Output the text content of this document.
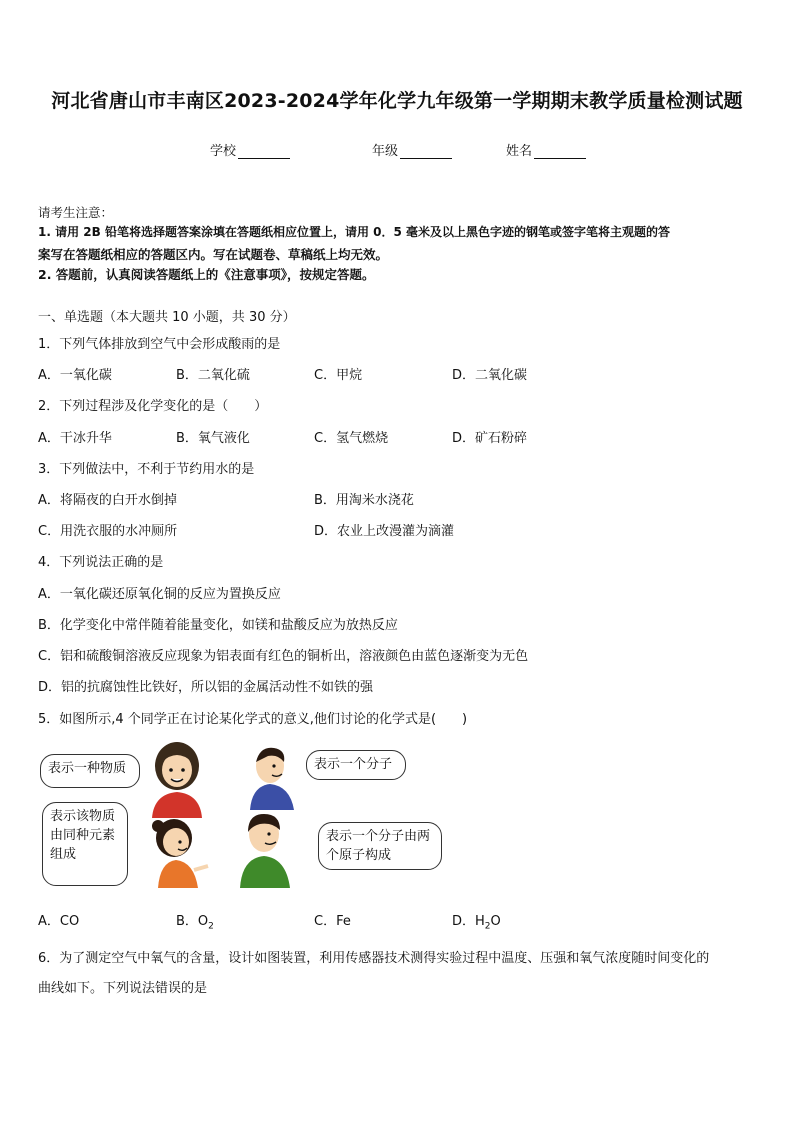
河北省唐山市丰南区2023-2024学年化学九年级第一学期期末教学质量检测试题
学校	年级	姓名
请考生注意：
1. 请用 2B 铅笔将选择题答案涂填在答题纸相应位置上，请用 0．5 毫米及以上黑色字迹的钢笔或签字笔将主观题的答
案写在答题纸相应的答题区内。写在试题卷、草稿纸上均无效。
2. 答题前，认真阅读答题纸上的《注意事项》，按规定答题。
一、单选题（本大题共 10 小题，共 30 分）
1．下列气体排放到空气中会形成酸雨的是
A．一氧化碳	B．二氧化硫	C．甲烷	D．二氧化碳
2．下列过程涉及化学变化的是（　　）
A．干冰升华	B．氧气液化	C．氢气燃烧	D．矿石粉碎
3．下列做法中，不利于节约用水的是
A．将隔夜的白开水倒掉	B．用淘米水浇花
C．用洗衣服的水冲厕所	D．农业上改漫灌为滴灌
4．下列说法正确的是
A．一氧化碳还原氧化铜的反应为置换反应
B．化学变化中常伴随着能量变化，如镁和盐酸反应为放热反应
C．铝和硫酸铜溶液反应现象为铝表面有红色的铜析出，溶液颜色由蓝色逐渐变为无色
D．铝的抗腐蚀性比铁好，所以铝的金属活动性不如铁的强
5．如图所示,4 个同学正在讨论某化学式的意义,他们讨论的化学式是(　　)
表示一种物质	表示一个分子
表示该物质由同种元素组成
表示一个分子由两个原子构成
A．CO	B．$O_2$	C．Fe	D．$H_2O$
6．为了测定空气中氧气的含量，设计如图装置，利用传感器技术测得实验过程中温度、压强和氧气浓度随时间变化的
曲线如下。下列说法错误的是
